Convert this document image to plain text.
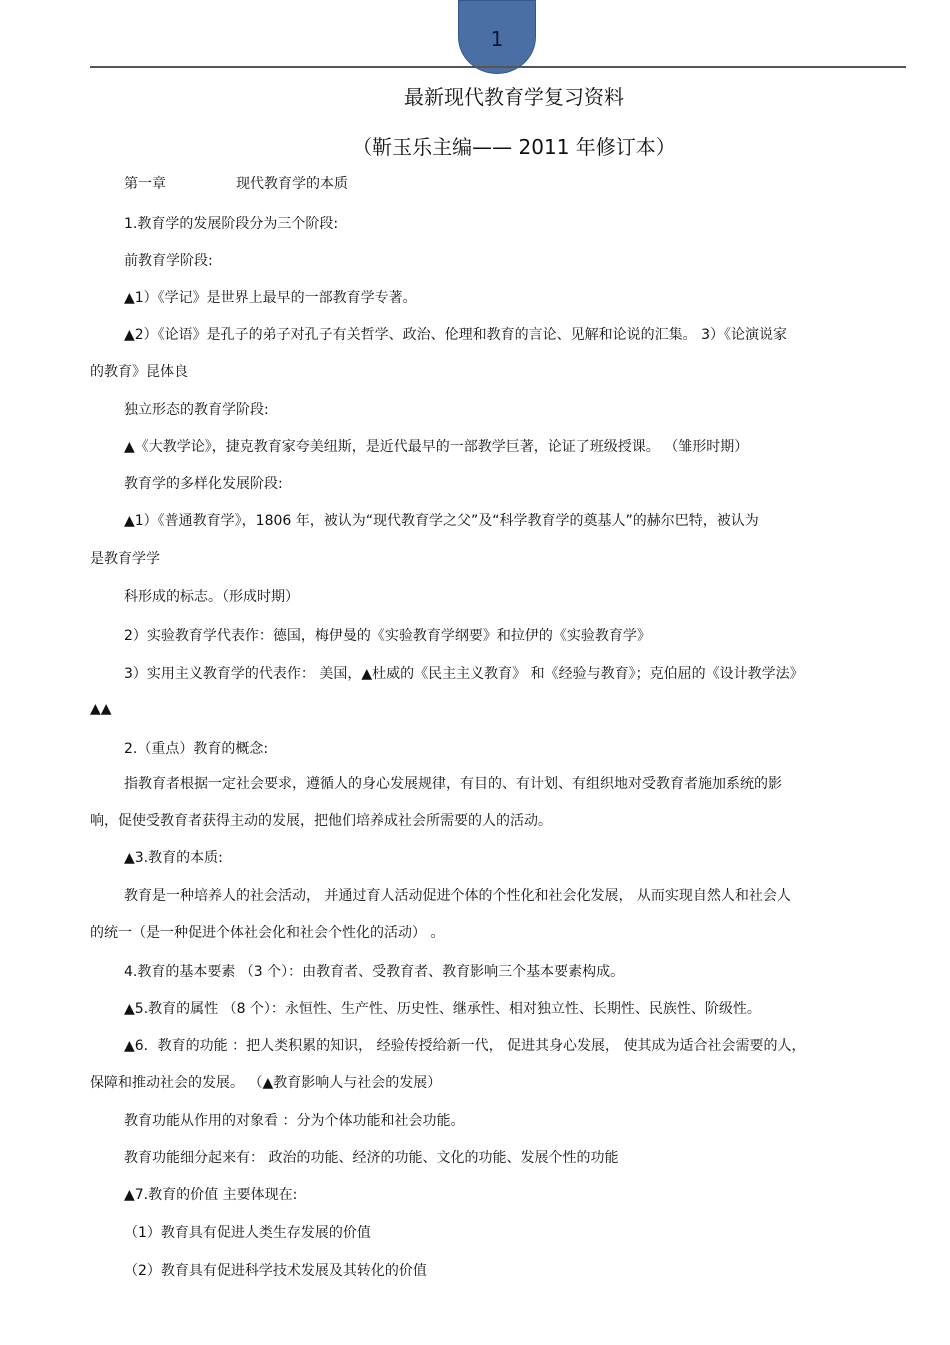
1
最新现代教育学复习资料
（靳玉乐主编—— 2011 年修订本）
第一章	现代教育学的本质
1.教育学的发展阶段分为三个阶段:
前教育学阶段:
▲1）《学记》是世界上最早的一部教育学专著。
▲2）《论语》是孔子的弟子对孔子有关哲学、政治、伦理和教育的言论、见解和论说的汇集。 3）《论演说家
的教育》昆体良
独立形态的教育学阶段:
▲《大教学论》，捷克教育家夸美纽斯，是近代最早的一部教学巨著，论证了班级授课。 （雏形时期）
教育学的多样化发展阶段:
▲1）《普通教育学》，1806 年，被认为“现代教育学之父”及“科学教育学的奠基人”的赫尔巴特，被认为
是教育学学
科形成的标志。（形成时期）
2）实验教育学代表作：德国，梅伊曼的《实验教育学纲要》和拉伊的《实验教育学》
3）实用主义教育学的代表作： 美国，▲杜威的《民主主义教育》 和《经验与教育》；克伯屈的《设计教学法》
▲▲
2.（重点）教育的概念:
指教育者根据一定社会要求，遵循人的身心发展规律，有目的、有计划、有组织地对受教育者施加系统的影
响，促使受教育者获得主动的发展，把他们培养成社会所需要的人的活动。
▲3.教育的本质:
教育是一种培养人的社会活动， 并通过育人活动促进个体的个性化和社会化发展， 从而实现自然人和社会人
的统一（是一种促进个体社会化和社会个性化的活动） 。
4.教育的基本要素 （3 个）：由教育者、受教育者、教育影响三个基本要素构成。
▲5.教育的属性 （8 个）：永恒性、生产性、历史性、继承性、相对独立性、长期性、民族性、阶级性。
▲6．教育的功能 ：把人类积累的知识， 经验传授给新一代， 促进其身心发展， 使其成为适合社会需要的人，
保障和推动社会的发展。 （▲教育影响人与社会的发展）
教育功能从作用的对象看 ：分为个体功能和社会功能。
教育功能细分起来有： 政治的功能、经济的功能、文化的功能、发展个性的功能
▲7.教育的价值 主要体现在:
（1）教育具有促进人类生存发展的价值
（2）教育具有促进科学技术发展及其转化的价值
